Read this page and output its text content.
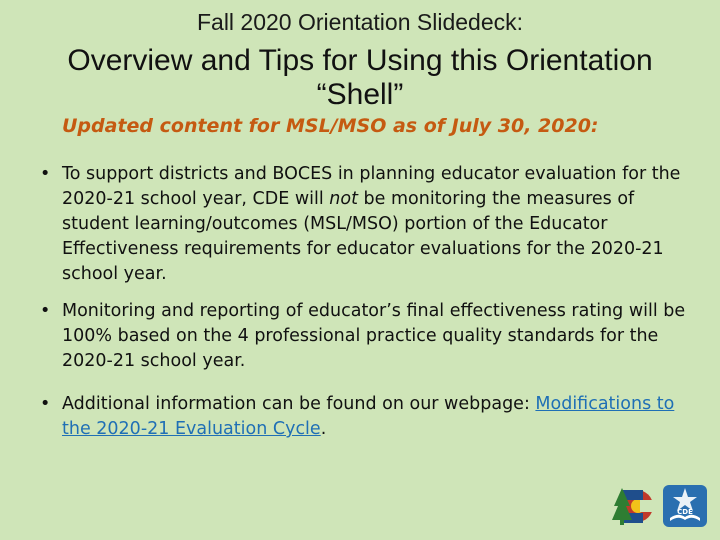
Fall 2020 Orientation Slidedeck:
Overview and Tips for Using this Orientation “Shell”
Updated content for MSL/MSO as of July 30, 2020:
• To support districts and BOCES in planning educator evaluation for the 2020-21 school year, CDE will not be monitoring the measures of student learning/outcomes (MSL/MSO) portion of the Educator Effectiveness requirements for educator evaluations for the 2020-21 school year.
• Monitoring and reporting of educator’s final effectiveness rating will be 100% based on the 4 professional practice quality standards for the 2020-21 school year.
• Additional information can be found on our webpage: Modifications to the 2020-21 Evaluation Cycle.
CDE
